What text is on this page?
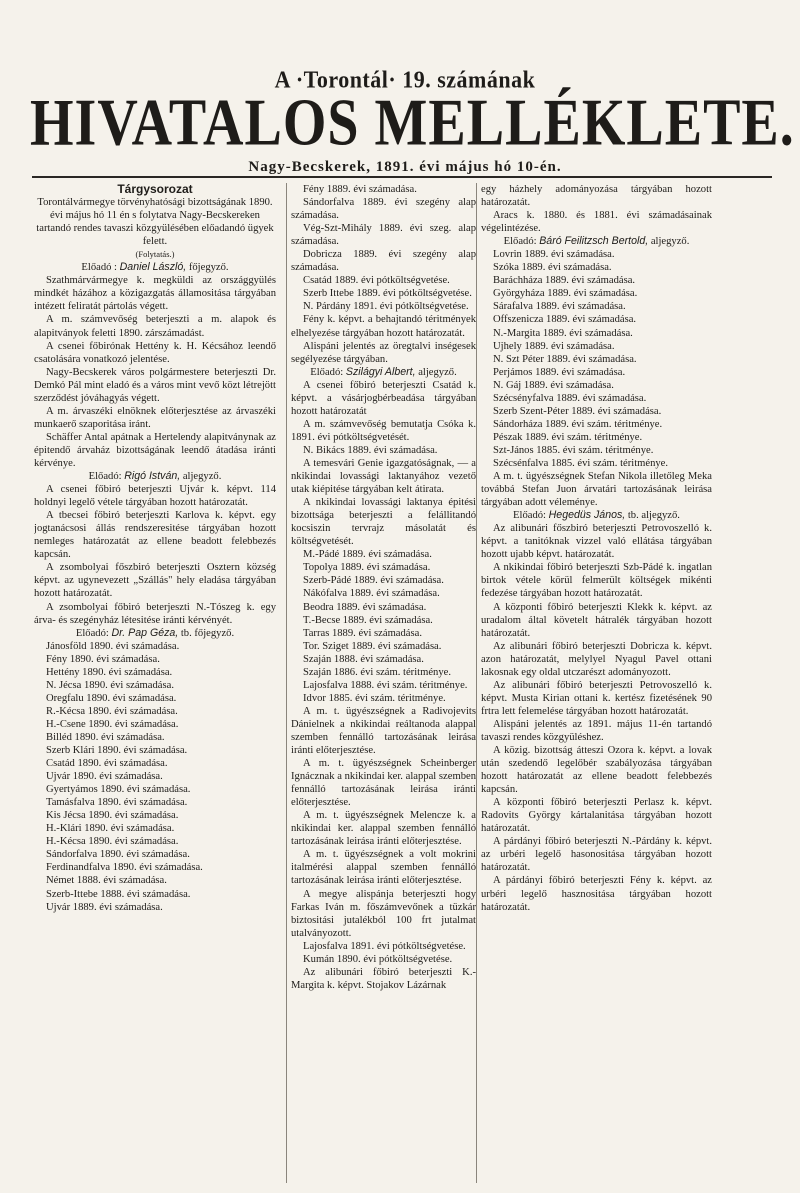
A ·Torontál· 19. számának
HIVATALOS MELLÉKLETE.
Nagy-Becskerek, 1891. évi május hó 10-én.

Tárgysorozat

Torontálvármegye törvényhatósági bizottságának 1890. évi május hó 11 én s folytatva Nagy-Becskereken tartandó rendes tavaszi közgyülésében előadandó ügyek felett.

(Folytatás.)

Előadó : Daniel László, főjegyző.

Szathmárvármegye k. megküldi az országgyülés mindkét házához a közigazgatás államositása tárgyában intézett feliratát pártolás végett.

A m. számvevőség beterjeszti a m. alapok és alapitványok feletti 1890. zárszámadást.

A csenei főbirónak Hettény k. H. Kécsához leendő csatolására vonatkozó jelentése.

Nagy-Becskerek város polgármestere beterjeszti Dr. Demkó Pál mint eladó és a város mint vevő közt létrejött szerződést jóváhagyás végett.

A m. árvaszéki elnöknek előterjesztése az árvaszéki munkaerő szaporitása iránt.

Schäffer Antal apátnak a Hertelendy alapitványnak az épitendő árvaház bizottságának leendő átadása iránti kérvénye.

Előadó: Rigó István, aljegyző.

A csenei főbiró beterjeszti Ujvár k. képvt. 114 holdnyi legelő vétele tárgyában hozott határozatát.

A tbecsei főbiró beterjeszti Karlova k. képvt. egy jogtanácsosi állás rendszeresitése tárgyában hozott nemleges határozatát az ellene beadott felebbezés kapcsán.

A zsombolyai főszbiró beterjeszti Osztern község képvt. az ugynevezett „Szállás" hely eladása tárgyában hozott határozatát.

A zsombolyai főbiró beterjeszti N.-Tószeg k. egy árva- és szegényház létesitése iránti kérvényét.

Előadó: Dr. Pap Géza, tb. főjegyző.

Jánosföld 1890. évi számadása.

Fény 1890. évi számadása.

Hettény 1890. évi számadása.

N. Jécsa 1890. évi számadása.

Oregfalu 1890. évi számadása.

R.-Kécsa 1890. évi számadása.

H.-Csene 1890. évi számadása.

Billéd 1890. évi számadása.

Szerb Klári 1890. évi számadása.

Csatád 1890. évi számadása.

Ujvár 1890. évi számadása.

Gyertyámos 1890. évi számadása.

Tamásfalva 1890. évi számadása.

Kis Jécsa 1890. évi számadása.

H.-Klári 1890. évi számadása.

H.-Kécsa 1890. évi számadása.

Sándorfalva 1890. évi számadása.

Ferdinandfalva 1890. évi számadása.

Német 1888. évi számadása.

Szerb-Ittebe 1888. évi számadása.

Ujvár 1889. évi számadása.

Fény 1889. évi számadása.

Sándorfalva 1889. évi szegény alap számadása.

Vég-Szt-Mihály 1889. évi szeg. alap számadása.

Dobricza 1889. évi szegény alap számadása.

Csatád 1889. évi pótköltségvetése.

Szerb Ittebe 1889. évi pótköltségvetése.

N. Párdány 1891. évi pótköltségvetése.

Fény k. képvt. a behajtandó téritmények elhelyezése tárgyában hozott határozatát.

Alispáni jelentés az öregtalvi inségesek segélyezése tárgyában.

Előadó: Szilágyi Albert, aljegyző.

A csenei főbiró beterjeszti Csatád k. képvt. a vásárjogbérbeadása tárgyában hozott határozatát

A m. számvevőség bemutatja Csóka k. 1891. évi pótköltségvetését.

N. Bikács 1889. évi számadása.

A temesvári Genie igazgatóságnak, — a nkikindai lovassági laktanyához vezető utak kiépitése tárgyában kelt átirata.

A nkikindai lovassági laktanya épitési bizottsága beterjeszti a felállitandó kocsiszin tervrajz másolatát és költségvetését.

M.-Pádé 1889. évi számadása.

Topolya 1889. évi számadása.

Szerb-Pádé 1889. évi számadása.

Nákófalva 1889. évi számadása.

Beodra 1889. évi számadása.

T.-Becse 1889. évi számadása.

Tarras 1889. évi számadása.

Tor. Sziget 1889. évi számadása.

Szaján 1888. évi számadása.

Szaján 1886. évi szám. téritménye.

Lajosfalva 1888. évi szám. téritménye.

Idvor 1885. évi szám. téritménye.

A m. t. ügyészségnek a Radivojevits Dánielnek a nkikindai reáltanoda alappal szemben fennálló tartozásának leirása iránti előterjesztése.

A m. t. ügyészségnek Scheinberger Ignácznak a nkikindai ker. alappal szemben fennálló tartozásának leirása iránti előterjesztése.

A m. t. ügyészségnek Melencze k. a nkikindai ker. alappal szemben fennálló tartozásának leirása iránti előterjesztése.

A m. t. ügyészségnek a volt mokrini italmérési alappal szemben fennálló tartozásának leirása iránti előterjesztése.

A megye alispánja beterjeszti hogy Farkas Iván m. főszámvevőnek a tüzkár biztositási jutalékból 100 frt jutalmat utalványozott.

Lajosfalva 1891. évi pótköltségvetése.

Kumán 1890. évi pótköltségvetése.

Az alibunári főbiró beterjeszti K.-Margita k. képvt. Stojakov Lázárnak

egy házhely adományozása tárgyában hozott határozatát.

Aracs k. 1880. és 1881. évi számadásainak végelintézése.

Előadó: Báró Feilitzsch Bertold, aljegyző.

Lovrin 1889. évi számadása.

Szóka 1889. évi számadása.

Baráchháza 1889. évi számadása.

Györgyháza 1889. évi számadása.

Sárafalva 1889. évi számadása.

Offszenicza 1889. évi számadása.

N.-Margita 1889. évi számadása.

Ujhely 1889. évi számadása.

N. Szt Péter 1889. évi számadása.

Perjámos 1889. évi számadása.

N. Gáj 1889. évi számadása.

Szécsényfalva 1889. évi számadása.

Szerb Szent-Péter 1889. évi számadása.

Sándorháza 1889. évi szám. téritménye.

Pészak 1889. évi szám. téritménye.

Szt-János 1885. évi szám. téritménye.

Szécsénfalva 1885. évi szám. téritménye.

A m. t. ügyészségnek Stefan Nikola illetőleg Meka továbbá Stefan Juon árvatári tartozásának leirása tárgyában adott véleménye.

Előadó: Hegedüs János, tb. aljegyző.

Az alibunári főszbiró beterjeszti Petrovoszelló k. képvt. a tanitóknak vizzel való ellátása tárgyában hozott ujabb képvt. határozatát.

A nkikindai főbiró beterjeszti Szb-Pádé k. ingatlan birtok vétele körül felmerült költségek mikénti fedezése tárgyában hozott határozatát.

A központi főbiró beterjeszti Klekk k. képvt. az uradalom által követelt hátralék tárgyában hozott határozatát.

Az alibunári főbiró beterjeszti Dobricza k. képvt. azon határozatát, melylyel Nyagul Pavel ottani lakosnak egy oldal utczarészt adományozott.

Az alibunári főbiró beterjeszti Petrovoszelló k. képvt. Musta Kirian ottani k. kertész fizetésének 90 frtra lett felemelése tárgyában hozott határozatát.

Alispáni jelentés az 1891. május 11-én tartandó tavaszi rendes közgyüléshez.

A közig. bizottság átteszi Ozora k. képvt. a lovak után szedendő legelőbér szabályozása tárgyában hozott határozatát az ellene beadott felebbezés kapcsán.

A központi főbiró beterjeszti Perlasz k. képvt. Radovits György kártalanitása tárgyában hozott határozatát.

A párdányi főbiró beterjeszti N.-Párdány k. képvt. az urbéri legelő hasonositása tárgyában hozott határozatát.

A párdányi főbiró beterjeszti Fény k. képvt. az urbéri legelő hasznositása tárgyában hozott határozatát.
